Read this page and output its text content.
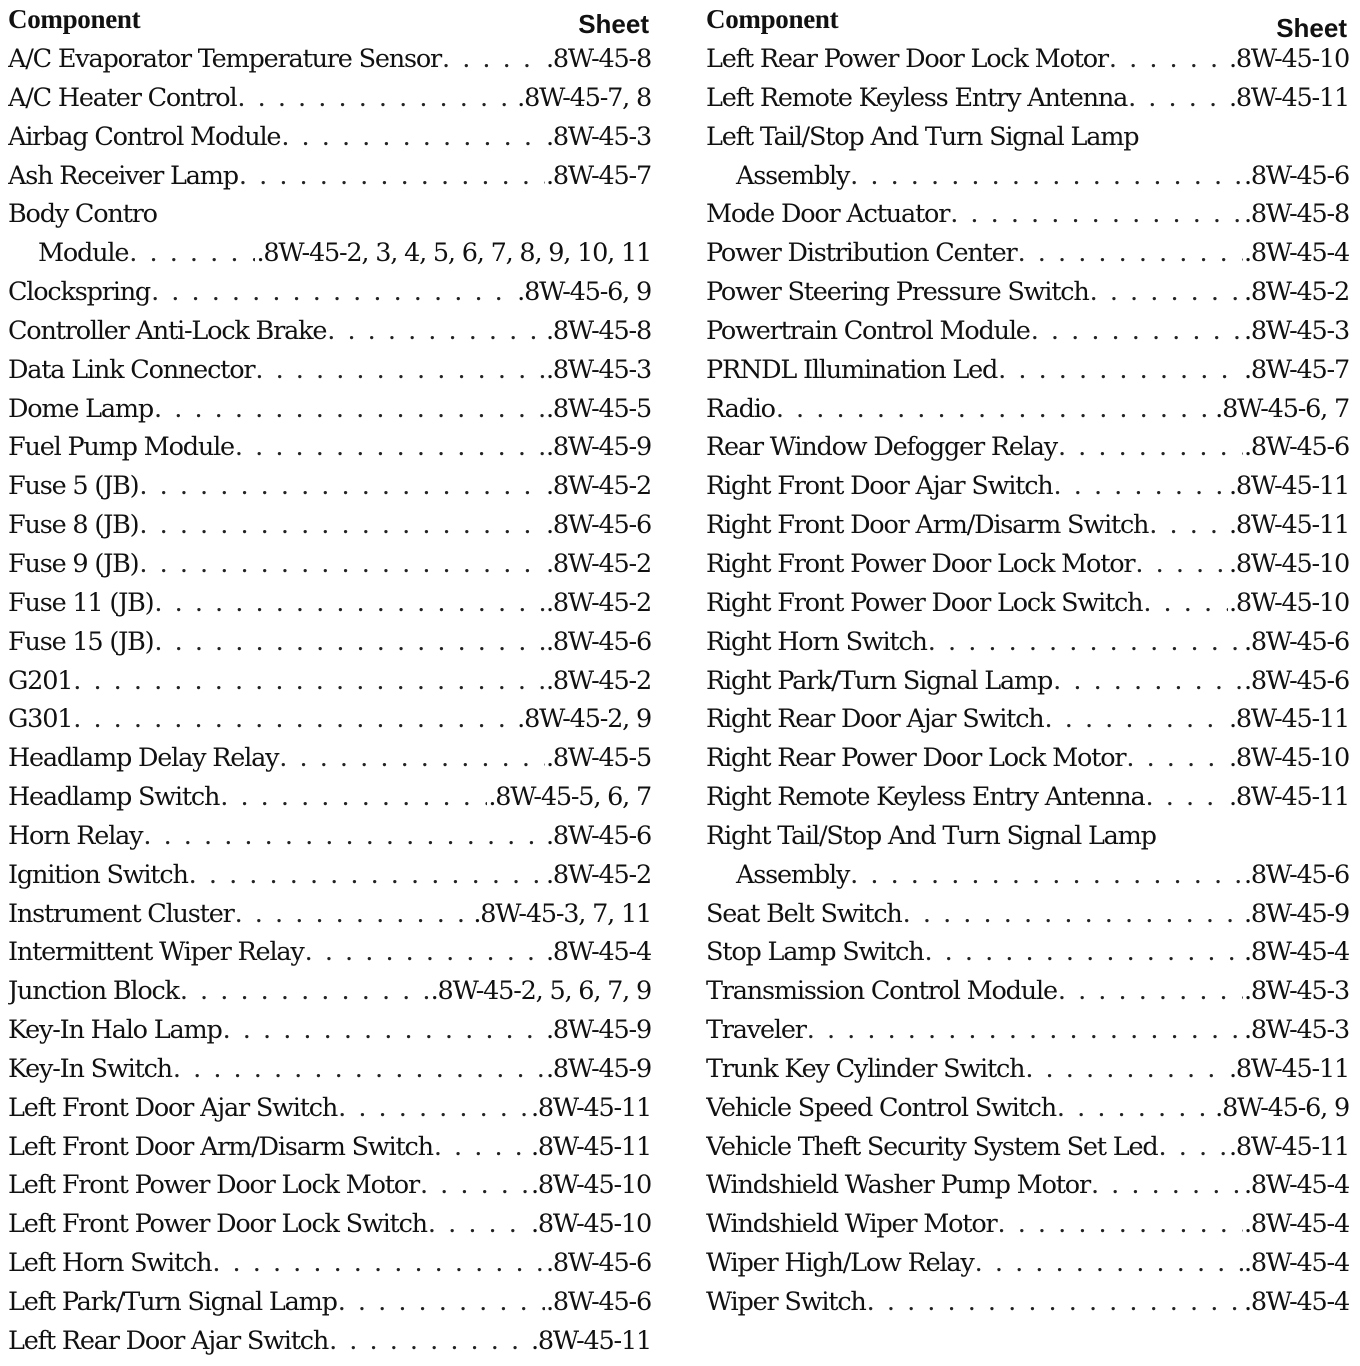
Component	Sheet
A/C Evaporator Temperature Sensor . . .	.8W-45-8
A/C Heater Control . . .	.8W-45-7, 8
Airbag Control Module . . .	.8W-45-3
Ash Receiver Lamp . . .	.8W-45-7
Body Contro
Module . . .	.8W-45-2, 3, 4, 5, 6, 7, 8, 9, 10, 11
Clockspring . . .	.8W-45-6, 9
Controller Anti-Lock Brake . . .	.8W-45-8
Data Link Connector . . .	.8W-45-3
Dome Lamp . . .	.8W-45-5
Fuel Pump Module . . .	.8W-45-9
Fuse 5 (JB) . . .	.8W-45-2
Fuse 8 (JB) . . .	.8W-45-6
Fuse 9 (JB) . . .	.8W-45-2
Fuse 11 (JB) . . .	.8W-45-2
Fuse 15 (JB) . . .	.8W-45-6
G201 . . .	.8W-45-2
G301 . . .	.8W-45-2, 9
Headlamp Delay Relay . . .	.8W-45-5
Headlamp Switch . . .	.8W-45-5, 6, 7
Horn Relay . . .	.8W-45-6
Ignition Switch . . .	.8W-45-2
Instrument Cluster . . .	.8W-45-3, 7, 11
Intermittent Wiper Relay . . .	.8W-45-4
Junction Block . . .	.8W-45-2, 5, 6, 7, 9
Key-In Halo Lamp . . .	.8W-45-9
Key-In Switch . . .	.8W-45-9
Left Front Door Ajar Switch . . .	.8W-45-11
Left Front Door Arm/Disarm Switch . . .	.8W-45-11
Left Front Power Door Lock Motor . . .	.8W-45-10
Left Front Power Door Lock Switch . . .	.8W-45-10
Left Horn Switch . . .	.8W-45-6
Left Park/Turn Signal Lamp . . .	.8W-45-6
Left Rear Door Ajar Switch . . .	.8W-45-11
Component	Sheet
Left Rear Power Door Lock Motor . . .	.8W-45-10
Left Remote Keyless Entry Antenna . . .	.8W-45-11
Left Tail/Stop And Turn Signal Lamp
Assembly . . .	.8W-45-6
Mode Door Actuator . . .	.8W-45-8
Power Distribution Center . . .	.8W-45-4
Power Steering Pressure Switch . . .	.8W-45-2
Powertrain Control Module . . .	.8W-45-3
PRNDL Illumination Led . . .	.8W-45-7
Radio . . .	.8W-45-6, 7
Rear Window Defogger Relay . . .	.8W-45-6
Right Front Door Ajar Switch . . .	.8W-45-11
Right Front Door Arm/Disarm Switch . . .	.8W-45-11
Right Front Power Door Lock Motor . . .	.8W-45-10
Right Front Power Door Lock Switch . . .	.8W-45-10
Right Horn Switch . . .	.8W-45-6
Right Park/Turn Signal Lamp . . .	.8W-45-6
Right Rear Door Ajar Switch . . .	.8W-45-11
Right Rear Power Door Lock Motor . . .	.8W-45-10
Right Remote Keyless Entry Antenna . . .	.8W-45-11
Right Tail/Stop And Turn Signal Lamp
Assembly . . .	.8W-45-6
Seat Belt Switch . . .	.8W-45-9
Stop Lamp Switch . . .	.8W-45-4
Transmission Control Module . . .	.8W-45-3
Traveler . . .	.8W-45-3
Trunk Key Cylinder Switch . . .	.8W-45-11
Vehicle Speed Control Switch . . .	.8W-45-6, 9
Vehicle Theft Security System Set Led . . .	.8W-45-11
Windshield Washer Pump Motor . . .	.8W-45-4
Windshield Wiper Motor . . .	.8W-45-4
Wiper High/Low Relay . . .	.8W-45-4
Wiper Switch . . .	.8W-45-4
